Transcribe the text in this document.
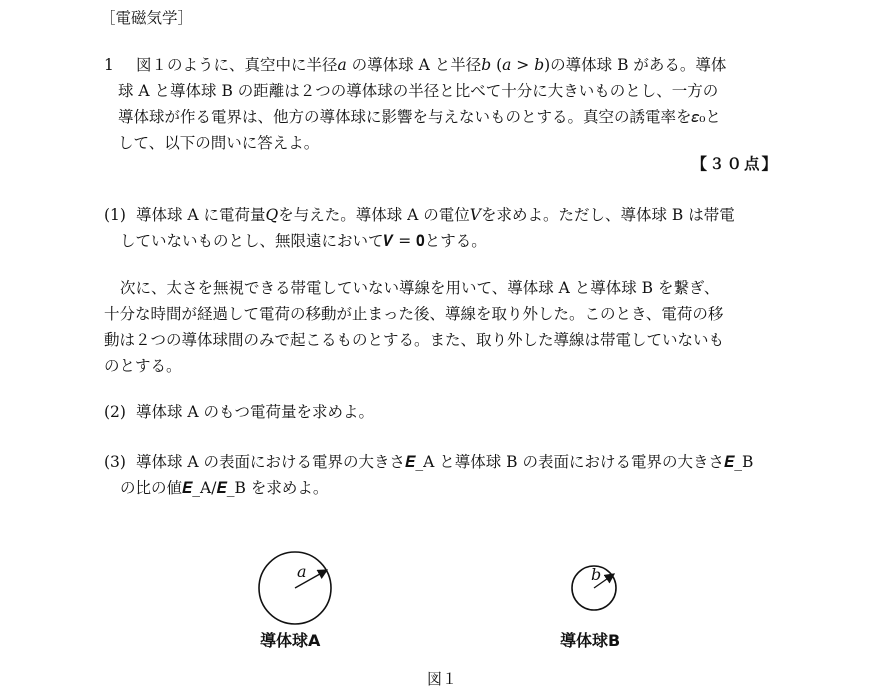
［電磁気学］
1 図１のように、真空中に半径𝑎 の導体球 A と半径𝑏 (𝑎 > 𝑏)の導体球 B がある。導体
球 A と導体球 B の距離は２つの導体球の半径と比べて十分に大きいものとし、一方の
導体球が作る電界は、他方の導体球に影響を与えないものとする。真空の誘電率を𝜀₀と
して、以下の問いに答えよ。
【３０点】
(1) 導体球 A に電荷量𝑄を与えた。導体球 A の電位𝑉を求めよ。ただし、導体球 B は帯電
していないものとし、無限遠において𝑽 = 𝟎とする。
次に、太さを無視できる帯電していない導線を用いて、導体球 A と導体球 B を繋ぎ、
十分な時間が経過して電荷の移動が止まった後、導線を取り外した。このとき、電荷の移
動は２つの導体球間のみで起こるものとする。また、取り外した導線は帯電していないも
のとする。
(2) 導体球 A のもつ電荷量を求めよ。
(3) 導体球 A の表面における電界の大きさ𝑬_A と導体球 B の表面における電界の大きさ𝑬_B
の比の値𝑬_A/𝑬_B を求めよ。
a	b
導体球A	導体球B
図１
